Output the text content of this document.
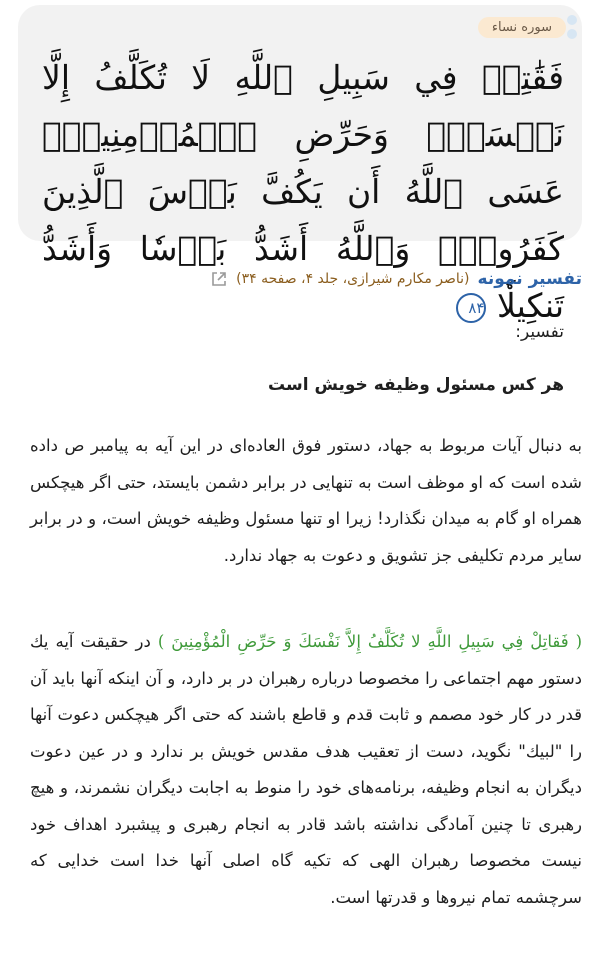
سوره نساء
فَقَٰتِلۡ فِي سَبِيلِ ٱللَّهِ لَا تُكَلَّفُ إِلَّا نَفۡسَكَۚ وَحَرِّضِ ٱلۡمُؤۡمِنِينَۖ عَسَى ٱللَّهُ أَن يَكُفَّ بَأۡسَ ٱلَّذِينَ كَفَرُواْۚ وَٱللَّهُ أَشَدُّ بَأۡسٗا وَأَشَدُّ تَنكِيلٗا ۸۴
تفسیر نمونه
(ناصر مکارم شیرازی، جلد ۴، صفحه ۳۴)
تفسیر:
هر کس مسئول وظیفه خویش است

به دنبال آیات مربوط به جهاد، دستور فوق العاده‌ای در این آیه به پیامبر ص داده شده است که او موظف است به تنهایی در برابر دشمن بایستد، حتی اگر هیچکس همراه او گام به میدان نگذارد! زیرا او تنها مسئول وظیفه خویش است، و در برابر سایر مردم تکلیفی جز تشویق و دعوت به جهاد ندارد.

( فَقاتِلْ فِي سَبِيلِ اللَّهِ لا تُكَلَّفُ إِلاَّ نَفْسَكَ وَ حَرِّضِ الْمُؤْمِنِينَ ) در حقیقت آیه یك دستور مهم اجتماعی را مخصوصا درباره رهبران در بر دارد، و آن اینکه آنها باید آن قدر در کار خود مصمم و ثابت قدم و قاطع باشند که حتی اگر هیچکس دعوت آنها را "لبیك" نگوید، دست از تعقیب هدف مقدس خویش بر ندارد و در عین دعوت دیگران به انجام وظیفه، برنامه‌های خود را منوط به اجابت دیگران نشمرند، و هیچ رهبری تا چنین آمادگی نداشته باشد قادر به انجام رهبری و پیشبرد اهداف خود نیست مخصوصا رهبران الهی که تکیه گاه اصلی آنها خدا است خدایی که سرچشمه تمام نیروها و قدرتها است.
